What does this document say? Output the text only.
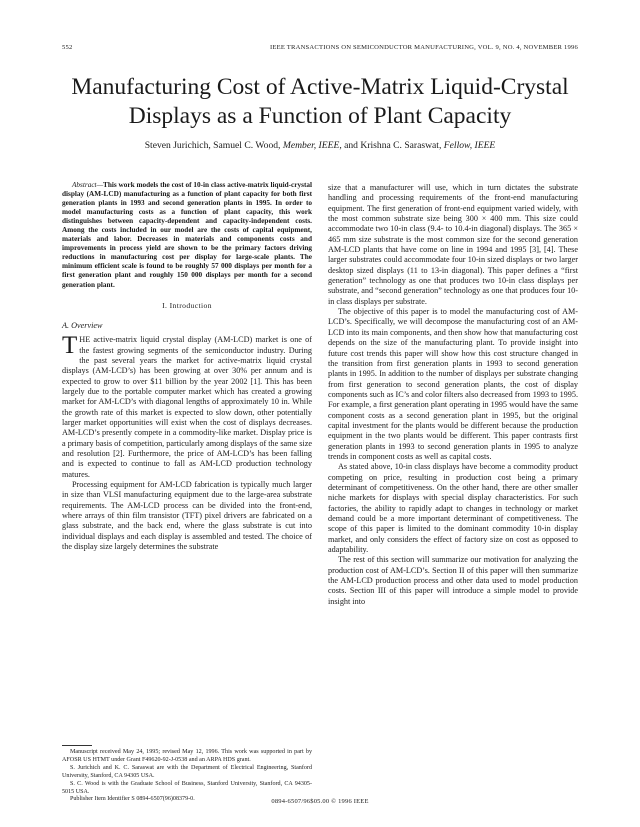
552	IEEE TRANSACTIONS ON SEMICONDUCTOR MANUFACTURING, VOL. 9, NO. 4, NOVEMBER 1996
Manufacturing Cost of Active-Matrix Liquid-Crystal Displays as a Function of Plant Capacity
Steven Jurichich, Samuel C. Wood, Member, IEEE, and Krishna C. Saraswat, Fellow, IEEE

Abstract—This work models the cost of 10-in class active-matrix liquid-crystal display (AM-LCD) manufacturing as a function of plant capacity for both first generation plants in 1993 and second generation plants in 1995. In order to model manufacturing costs as a function of plant capacity, this work distinguishes between capacity-dependent and capacity-independent costs. Among the costs included in our model are the costs of capital equipment, materials and labor. Decreases in materials and components costs and improvements in process yield are shown to be the primary factors driving reductions in manufacturing cost per display for large-scale plants. The minimum efficient scale is found to be roughly 57 000 displays per month for a first generation plant and roughly 150 000 displays per month for a second generation plant.

I. Introduction
A. Overview

THE active-matrix liquid crystal display (AM-LCD) market is one of the fastest growing segments of the semiconductor industry. During the past several years the market for active-matrix liquid crystal displays (AM-LCD’s) has been growing at over 30% per annum and is expected to grow to over $11 billion by the year 2002 [1]. This has been largely due to the portable computer market which has created a growing market for AM-LCD’s with diagonal lengths of approximately 10 in. While the growth rate of this market is expected to slow down, other potentially larger market opportunities will exist when the cost of displays decreases. AM-LCD’s presently compete in a commodity-like market. Display price is a primary basis of competition, particularly among displays of the same size and resolution [2]. Furthermore, the price of AM-LCD’s has been falling and is expected to continue to fall as AM-LCD production technology matures.

Processing equipment for AM-LCD fabrication is typically much larger in size than VLSI manufacturing equipment due to the large-area substrate requirements. The AM-LCD process can be divided into the front-end, where arrays of thin film transistor (TFT) pixel drivers are fabricated on a glass substrate, and the back end, where the glass substrate is cut into individual displays and each display is assembled and tested. The choice of the display size largely determines the substrate

Manuscript received May 24, 1995; revised May 12, 1996. This work was supported in part by AFOSR US HTMT under Grant F49620-92-J-0538 and an ARPA HDS grant.

S. Jurichich and K. C. Saraswat are with the Department of Electrical Engineering, Stanford University, Stanford, CA 94305 USA.

S. C. Wood is with the Graduate School of Business, Stanford University, Stanford, CA 94305-5015 USA.

Publisher Item Identifier S 0894-6507(96)08379-0.

size that a manufacturer will use, which in turn dictates the substrate handling and processing requirements of the front-end manufacturing equipment. The first generation of front-end equipment varied widely, with the most common substrate size being 300 × 400 mm. This size could accommodate two 10-in class (9.4- to 10.4-in diagonal) displays. The 365 × 465 mm size substrate is the most common size for the second generation AM-LCD plants that have come on line in 1994 and 1995 [3], [4]. These larger substrates could accommodate four 10-in sized displays or two larger desktop sized displays (11 to 13-in diagonal). This paper defines a “first generation” technology as one that produces two 10-in class displays per substrate, and “second generation” technology as one that produces four 10-in class displays per substrate.

The objective of this paper is to model the manufacturing cost of AM-LCD’s. Specifically, we will decompose the manufacturing cost of an AM-LCD into its main components, and then show how that manufacturing cost depends on the size of the manufacturing plant. To provide insight into future cost trends this paper will show how this cost structure changed in the transition from first generation plants in 1993 to second generation plants in 1995. In addition to the number of displays per substrate changing from first generation to second generation plants, the cost of display components such as IC’s and color filters also decreased from 1993 to 1995. For example, a first generation plant operating in 1995 would have the same component costs as a second generation plant in 1995, but the original capital investment for the plants would be different because the production equipment in the two plants would be different. This paper contrasts first generation plants in 1993 to second generation plants in 1995 to analyze trends in component costs as well as capital costs.

As stated above, 10-in class displays have become a commodity product competing on price, resulting in production cost being a primary determinant of competitiveness. On the other hand, there are other smaller niche markets for displays with special display characteristics. For such factories, the ability to rapidly adapt to changes in technology or market demand could be a more important determinant of competitiveness. The scope of this paper is limited to the dominant commodity 10-in display market, and only considers the effect of factory size on cost as opposed to adaptability.

The rest of this section will summarize our motivation for analyzing the production cost of AM-LCD’s. Section II of this paper will then summarize the AM-LCD production process and other data used to model production costs. Section III of this paper will introduce a simple model to provide insight into

0894-6507/96$05.00 © 1996 IEEE
